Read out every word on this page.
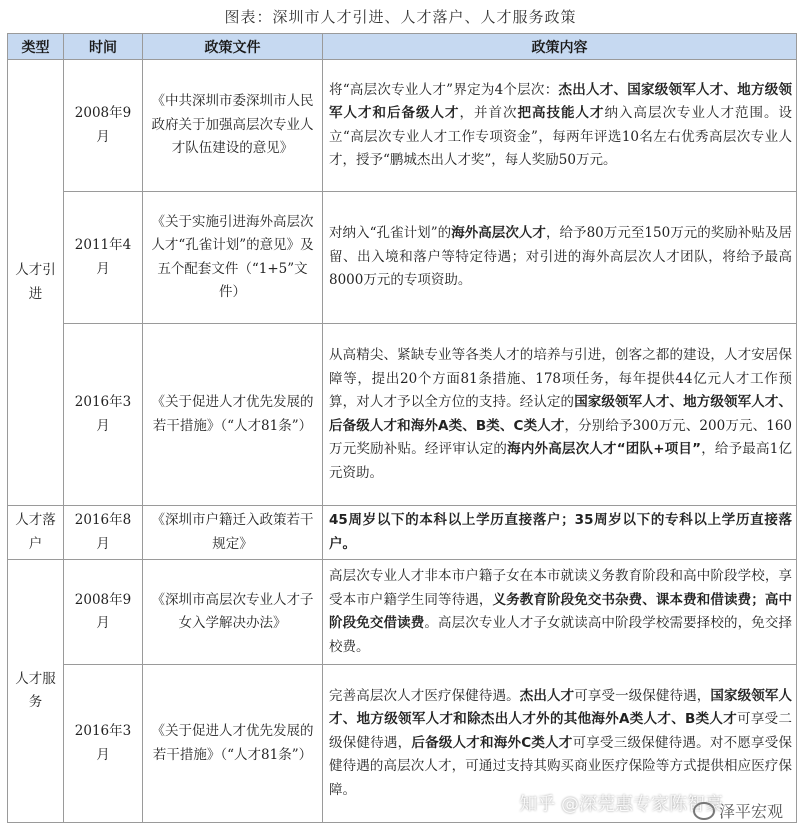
图表：深圳市人才引进、人才落户、人才服务政策
类型	时间	政策文件	政策内容
人才引进	2008年9月	《中共深圳市委深圳市人民政府关于加强高层次专业人才队伍建设的意见》	将“高层次专业人才”界定为4个层次：杰出人才、国家级领军人才、地方级领军人才和后备级人才，并首次把高技能人才纳入高层次专业人才范围。设立“高层次专业人才工作专项资金”，每两年评选10名左右优秀高层次专业人才，授予“鹏城杰出人才奖”，每人奖励50万元。
	2011年4月	《关于实施引进海外高层次人才“孔雀计划”的意见》及五个配套文件（“1+5”文件）	对纳入“孔雀计划”的海外高层次人才，给予80万元至150万元的奖励补贴及居留、出入境和落户等特定待遇；对引进的海外高层次人才团队，将给予最高8000万元的专项资助。
	2016年3月	《关于促进人才优先发展的若干措施》（“人才81条”）	从高精尖、紧缺专业等各类人才的培养与引进，创客之都的建设，人才安居保障等，提出20个方面81条措施、178项任务，每年提供44亿元人才工作预算，对人才予以全方位的支持。经认定的国家级领军人才、地方级领军人才、后备级人才和海外A类、B类、C类人才，分别给予300万元、200万元、160万元奖励补贴。经评审认定的海内外高层次人才“团队+项目”，给予最高1亿元资助。
人才落户	2016年8月	《深圳市户籍迁入政策若干规定》	45周岁以下的本科以上学历直接落户；35周岁以下的专科以上学历直接落户。
人才服务	2008年9月	《深圳市高层次专业人才子女入学解决办法》	高层次专业人才非本市户籍子女在本市就读义务教育阶段和高中阶段学校，享受本市户籍学生同等待遇，义务教育阶段免交书杂费、课本费和借读费；高中阶段免交借读费。高层次专业人才子女就读高中阶段学校需要择校的，免交择校费。
	2016年3月	《关于促进人才优先发展的若干措施》（“人才81条”）	完善高层次人才医疗保健待遇。杰出人才可享受一级保健待遇，国家级领军人才、地方级领军人才和除杰出人才外的其他海外A类人才、B类人才可享受二级保健待遇，后备级人才和海外C类人才可享受三级保健待遇。对不愿享受保健待遇的高层次人才，可通过支持其购买商业医疗保险等方式提供相应医疗保障。
知乎 @深莞惠专家陈智豪
泽平宏观
